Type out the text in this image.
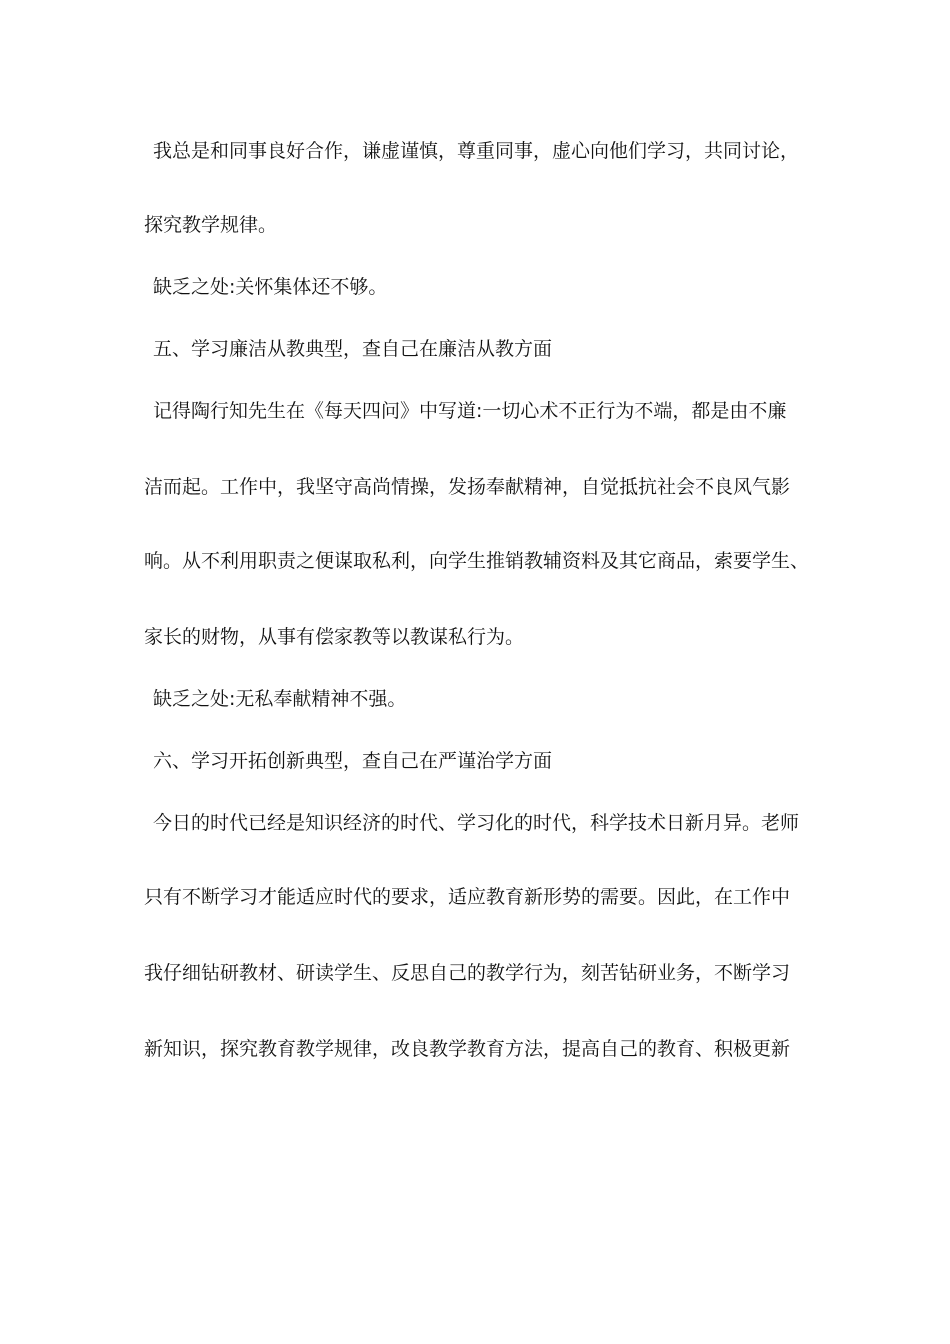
我总是和同事良好合作，谦虚谨慎，尊重同事，虚心向他们学习，共同讨论，
探究教学规律。
缺乏之处:关怀集体还不够。
五、学习廉洁从教典型，查自己在廉洁从教方面
记得陶行知先生在《每天四问》中写道:一切心术不正行为不端，都是由不廉
洁而起。工作中，我坚守高尚情操，发扬奉献精神，自觉抵抗社会不良风气影
响。从不利用职责之便谋取私利，向学生推销教辅资料及其它商品，索要学生、
家长的财物，从事有偿家教等以教谋私行为。
缺乏之处:无私奉献精神不强。
六、学习开拓创新典型，查自己在严谨治学方面
今日的时代已经是知识经济的时代、学习化的时代，科学技术日新月异。老师
只有不断学习才能适应时代的要求，适应教育新形势的需要。因此，在工作中
我仔细钻研教材、研读学生、反思自己的教学行为，刻苦钻研业务，不断学习
新知识，探究教育教学规律，改良教学教育方法，提高自己的教育、积极更新
